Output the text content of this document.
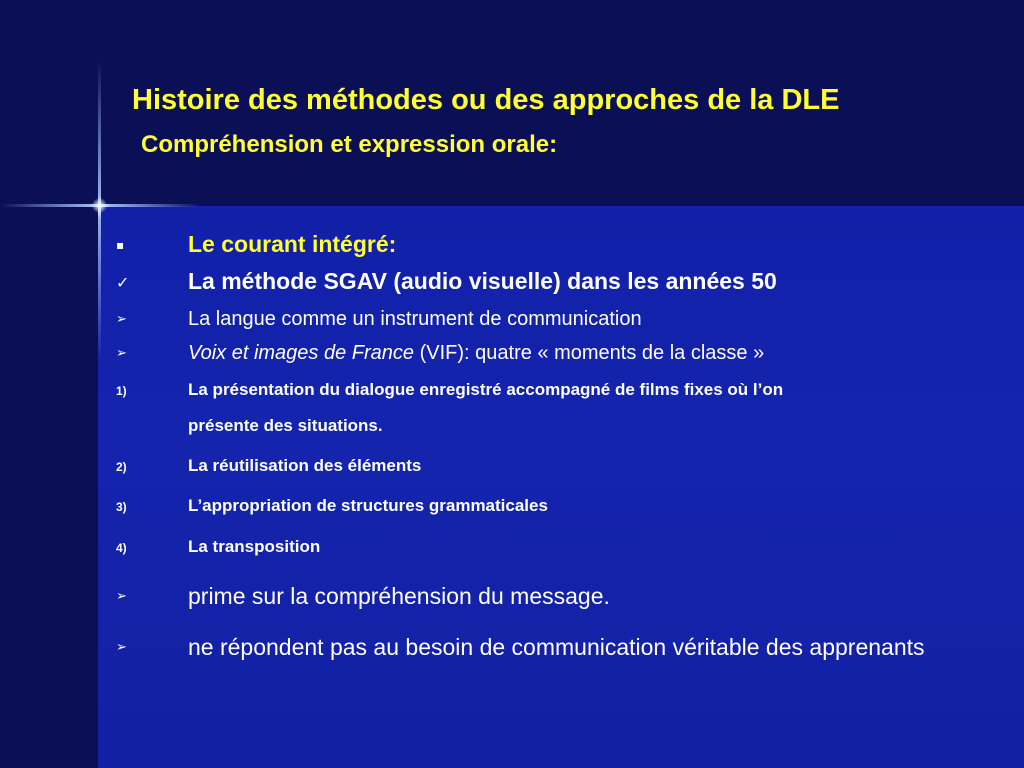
Histoire des méthodes ou des approches de la DLE
Compréhension et expression orale:
▪	Le courant intégré:
✓	La méthode SGAV (audio visuelle) dans les années 50
➢	La langue comme un instrument de communication
➢	Voix et images de France (VIF): quatre « moments de la classe »
1)	La présentation du dialogue enregistré accompagné de films fixes où l’on
présente des situations.
2)	La réutilisation des éléments
3)	L’appropriation de structures grammaticales
4)	La transposition
➢	prime sur la compréhension du message.
➢	ne répondent pas au besoin de communication véritable des apprenants
